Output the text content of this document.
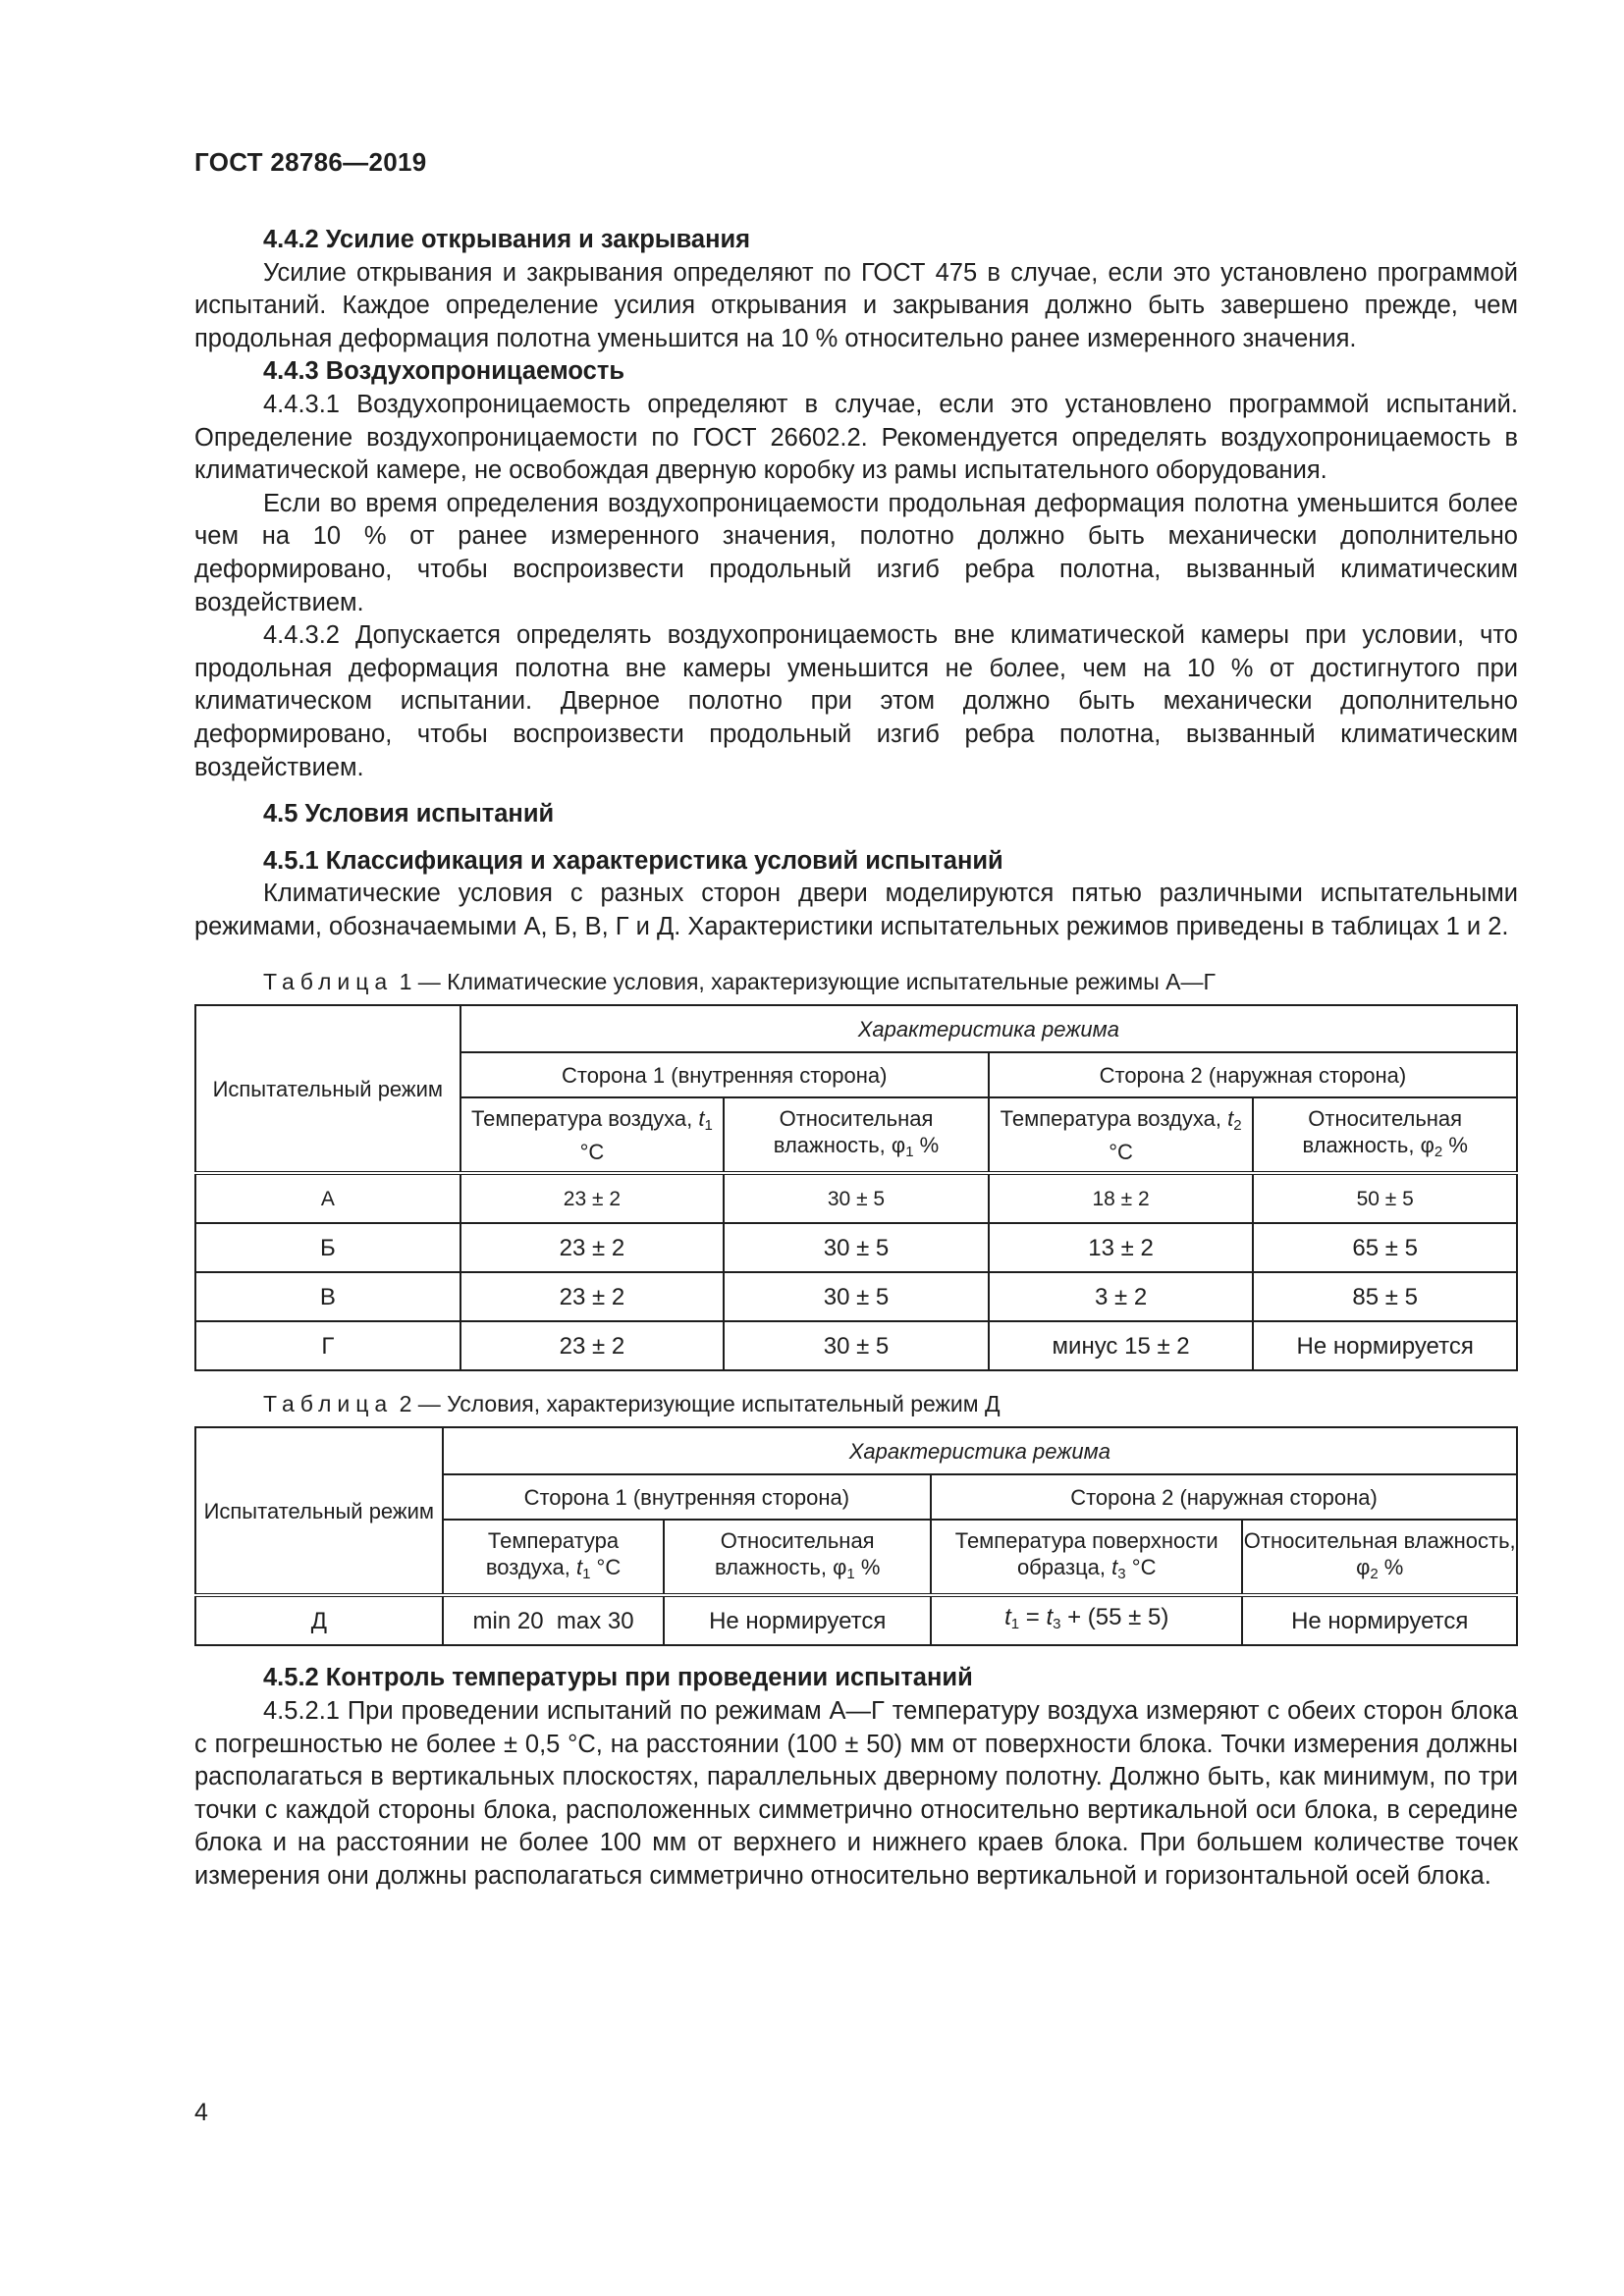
ГОСТ 28786—2019
4.4.2 Усилие открывания и закрывания

Усилие открывания и закрывания определяют по ГОСТ 475 в случае, если это установлено программой испытаний. Каждое определение усилия открывания и закрывания должно быть завершено прежде, чем продольная деформация полотна уменьшится на 10 % относительно ранее измеренного значения.

4.4.3 Воздухопроницаемость

4.4.3.1 Воздухопроницаемость определяют в случае, если это установлено программой испытаний. Определение воздухопроницаемости по ГОСТ 26602.2. Рекомендуется определять воздухопроницаемость в климатической камере, не освобождая дверную коробку из рамы испытательного оборудования.

Если во время определения воздухопроницаемости продольная деформация полотна уменьшится более чем на 10 % от ранее измеренного значения, полотно должно быть механически дополнительно деформировано, чтобы воспроизвести продольный изгиб ребра полотна, вызванный климатическим воздействием.

4.4.3.2 Допускается определять воздухопроницаемость вне климатической камеры при условии, что продольная деформация полотна вне камеры уменьшится не более, чем на 10 % от достигнутого при климатическом испытании. Дверное полотно при этом должно быть механически дополнительно деформировано, чтобы воспроизвести продольный изгиб ребра полотна, вызванный климатическим воздействием.

4.5 Условия испытаний
4.5.1 Классификация и характеристика условий испытаний

Климатические условия с разных сторон двери моделируются пятью различными испытательными режимами, обозначаемыми А, Б, В, Г и Д. Характеристики испытательных режимов приведены в таблицах 1 и 2.

Таблица 1 — Климатические условия, характеризующие испытательные режимы А—Г

Испытательный режим	Характеристика режима			
	Сторона 1 (внутренняя сторона)		Сторона 2 (наружная сторона)	
	Температура воздуха, $t_1$ °С	Относительная влажность, $\varphi_1$ %	Температура воздуха, $t_2$ °С	Относительная влажность, $\varphi_2$ %
А	23 ± 2	30 ± 5	18 ± 2	50 ± 5
Б	23 ± 2	30 ± 5	13 ± 2	65 ± 5
В	23 ± 2	30 ± 5	3 ± 2	85 ± 5
Г	23 ± 2	30 ± 5	минус 15 ± 2	Не нормируется

Таблица 2 — Условия, характеризующие испытательный режим Д

Испытательный режим	Характеристика режима			
	Сторона 1 (внутренняя сторона)		Сторона 2 (наружная сторона)	
	Температура воздуха, $t_1$ °С	Относительная влажность, $\varphi_1$ %	Температура поверхности образца, $t_3$ °С	Относительная влажность, $\varphi_2$ %
Д	min 20  max 30	Не нормируется	$t_1 = t_3 + (55 \pm 5)$	Не нормируется
4.5.2 Контроль температуры при проведении испытаний

4.5.2.1 При проведении испытаний по режимам А—Г температуру воздуха измеряют с обеих сторон блока с погрешностью не более ± 0,5 °С, на расстоянии (100 ± 50) мм от поверхности блока. Точки измерения должны располагаться в вертикальных плоскостях, параллельных дверному полотну. Должно быть, как минимум, по три точки с каждой стороны блока, расположенных симметрично относительно вертикальной оси блока, в середине блока и на расстоянии не более 100 мм от верхнего и нижнего краев блока. При большем количестве точек измерения они должны располагаться симметрично относительно вертикальной и горизонтальной осей блока.

4
